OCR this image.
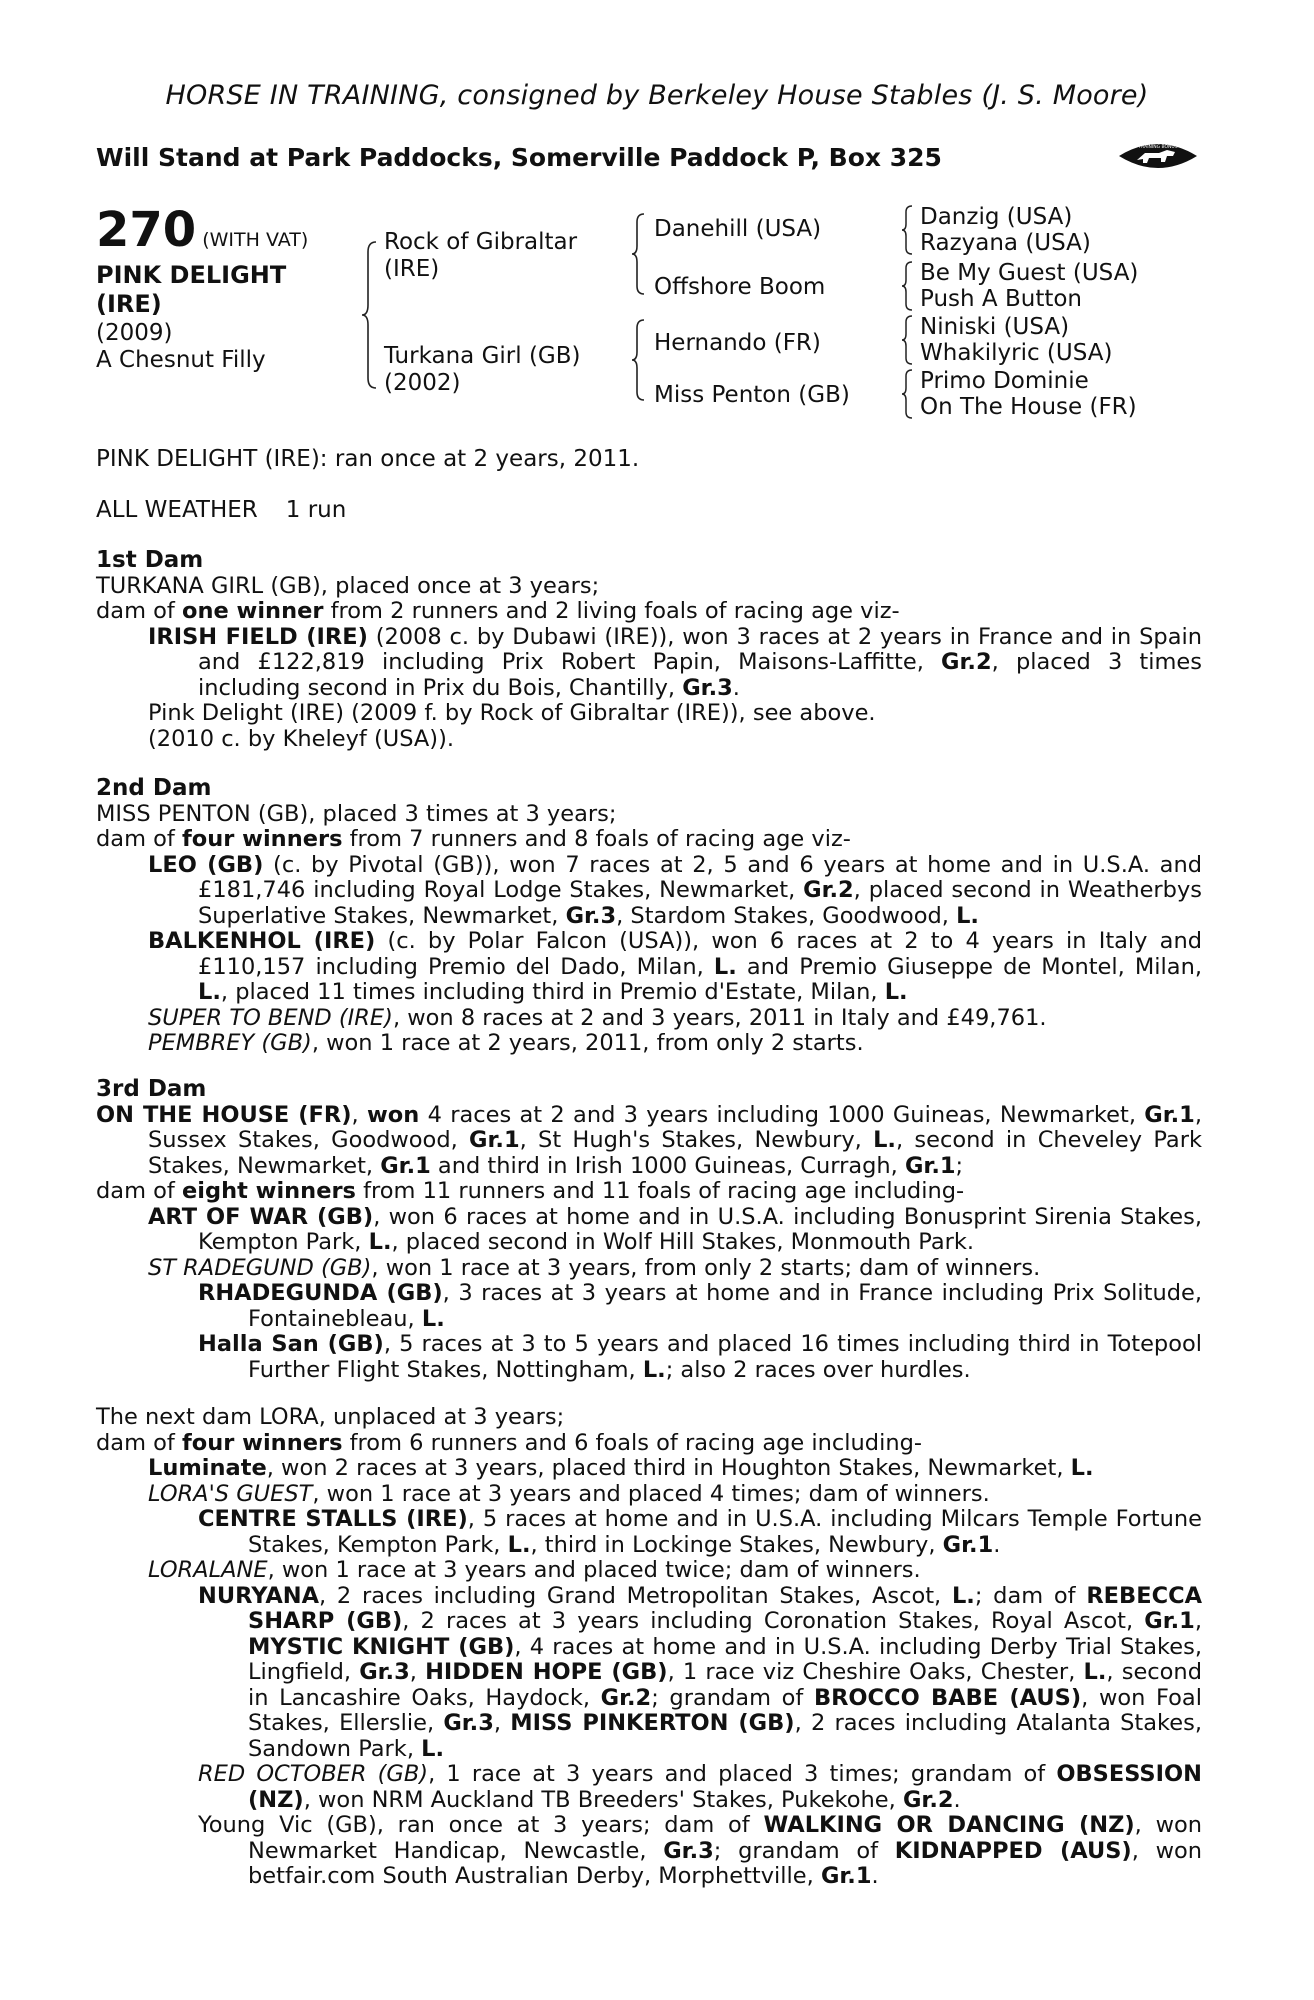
HORSE IN TRAINING, consigned by Berkeley House Stables (J. S. Moore)
Will Stand at Park Paddocks, Somerville Paddock P, Box 325
RACING POST
TRAINING BONUS
£10,000
270 (WITH VAT)
PINK DELIGHT
(IRE)
(2009)
A Chesnut Filly
Rock of Gibraltar
(IRE)
Turkana Girl (GB)
(2002)
Danehill (USA)
Offshore Boom
Hernando (FR)
Miss Penton (GB)
Danzig (USA)
Razyana (USA)
Be My Guest (USA)
Push A Button
Niniski (USA)
Whakilyric (USA)
Primo Dominie
On The House (FR)
PINK DELIGHT (IRE): ran once at 2 years, 2011.
ALL WEATHER 1 run

1st Dam

TURKANA GIRL (GB), placed once at 3 years;

dam of one winner from 2 runners and 2 living foals of racing age viz-

IRISH FIELD (IRE) (2008 c. by Dubawi (IRE)), won 3 races at 2 years in France and in Spain and £122,819 including Prix Robert Papin, Maisons-Laffitte, Gr.2, placed 3 times including second in Prix du Bois, Chantilly, Gr.3.

Pink Delight (IRE) (2009 f. by Rock of Gibraltar (IRE)), see above.

(2010 c. by Kheleyf (USA)).

2nd Dam

MISS PENTON (GB), placed 3 times at 3 years;

dam of four winners from 7 runners and 8 foals of racing age viz-

LEO (GB) (c. by Pivotal (GB)), won 7 races at 2, 5 and 6 years at home and in U.S.A. and £181,746 including Royal Lodge Stakes, Newmarket, Gr.2, placed second in Weatherbys Superlative Stakes, Newmarket, Gr.3, Stardom Stakes, Goodwood, L.

BALKENHOL (IRE) (c. by Polar Falcon (USA)), won 6 races at 2 to 4 years in Italy and £110,157 including Premio del Dado, Milan, L. and Premio Giuseppe de Montel, Milan, L., placed 11 times including third in Premio d'Estate, Milan, L.

SUPER TO BEND (IRE), won 8 races at 2 and 3 years, 2011 in Italy and £49,761.

PEMBREY (GB), won 1 race at 2 years, 2011, from only 2 starts.

3rd Dam

ON THE HOUSE (FR), won 4 races at 2 and 3 years including 1000 Guineas, Newmarket, Gr.1, Sussex Stakes, Goodwood, Gr.1, St Hugh's Stakes, Newbury, L., second in Cheveley Park Stakes, Newmarket, Gr.1 and third in Irish 1000 Guineas, Curragh, Gr.1;

dam of eight winners from 11 runners and 11 foals of racing age including-

ART OF WAR (GB), won 6 races at home and in U.S.A. including Bonusprint Sirenia Stakes, Kempton Park, L., placed second in Wolf Hill Stakes, Monmouth Park.

ST RADEGUND (GB), won 1 race at 3 years, from only 2 starts; dam of winners.

RHADEGUNDA (GB), 3 races at 3 years at home and in France including Prix Solitude, Fontainebleau, L.

Halla San (GB), 5 races at 3 to 5 years and placed 16 times including third in Totepool Further Flight Stakes, Nottingham, L.; also 2 races over hurdles.

The next dam LORA, unplaced at 3 years;

dam of four winners from 6 runners and 6 foals of racing age including-

Luminate, won 2 races at 3 years, placed third in Houghton Stakes, Newmarket, L.

LORA'S GUEST, won 1 race at 3 years and placed 4 times; dam of winners.

CENTRE STALLS (IRE), 5 races at home and in U.S.A. including Milcars Temple Fortune Stakes, Kempton Park, L., third in Lockinge Stakes, Newbury, Gr.1.

LORALANE, won 1 race at 3 years and placed twice; dam of winners.

NURYANA, 2 races including Grand Metropolitan Stakes, Ascot, L.; dam of REBECCA SHARP (GB), 2 races at 3 years including Coronation Stakes, Royal Ascot, Gr.1, MYSTIC KNIGHT (GB), 4 races at home and in U.S.A. including Derby Trial Stakes, Lingfield, Gr.3, HIDDEN HOPE (GB), 1 race viz Cheshire Oaks, Chester, L., second in Lancashire Oaks, Haydock, Gr.2; grandam of BROCCO BABE (AUS), won Foal Stakes, Ellerslie, Gr.3, MISS PINKERTON (GB), 2 races including Atalanta Stakes, Sandown Park, L.

RED OCTOBER (GB), 1 race at 3 years and placed 3 times; grandam of OBSESSION (NZ), won NRM Auckland TB Breeders' Stakes, Pukekohe, Gr.2.

Young Vic (GB), ran once at 3 years; dam of WALKING OR DANCING (NZ), won Newmarket Handicap, Newcastle, Gr.3; grandam of KIDNAPPED (AUS), won betfair.com South Australian Derby, Morphettville, Gr.1.
